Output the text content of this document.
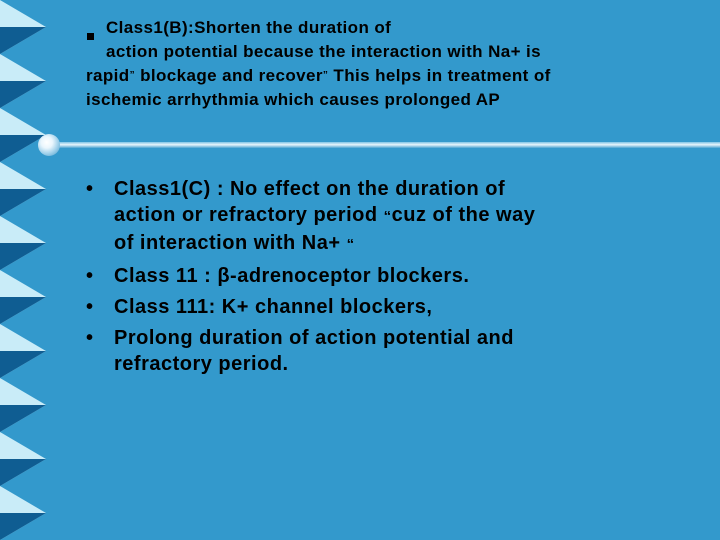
Class1(B):Shorten the duration of
action potential because the interaction with Na+ is
rapid” blockage and recover” This helps in treatment of
ischemic arrhythmia which causes prolonged AP
• Class1(C) : No effect on the duration of
action or refractory period “cuz of the way
of interaction with Na+ “
• Class 11 : β-adrenoceptor blockers.
• Class 111: K+ channel blockers,
• Prolong duration of action potential and
refractory period.
